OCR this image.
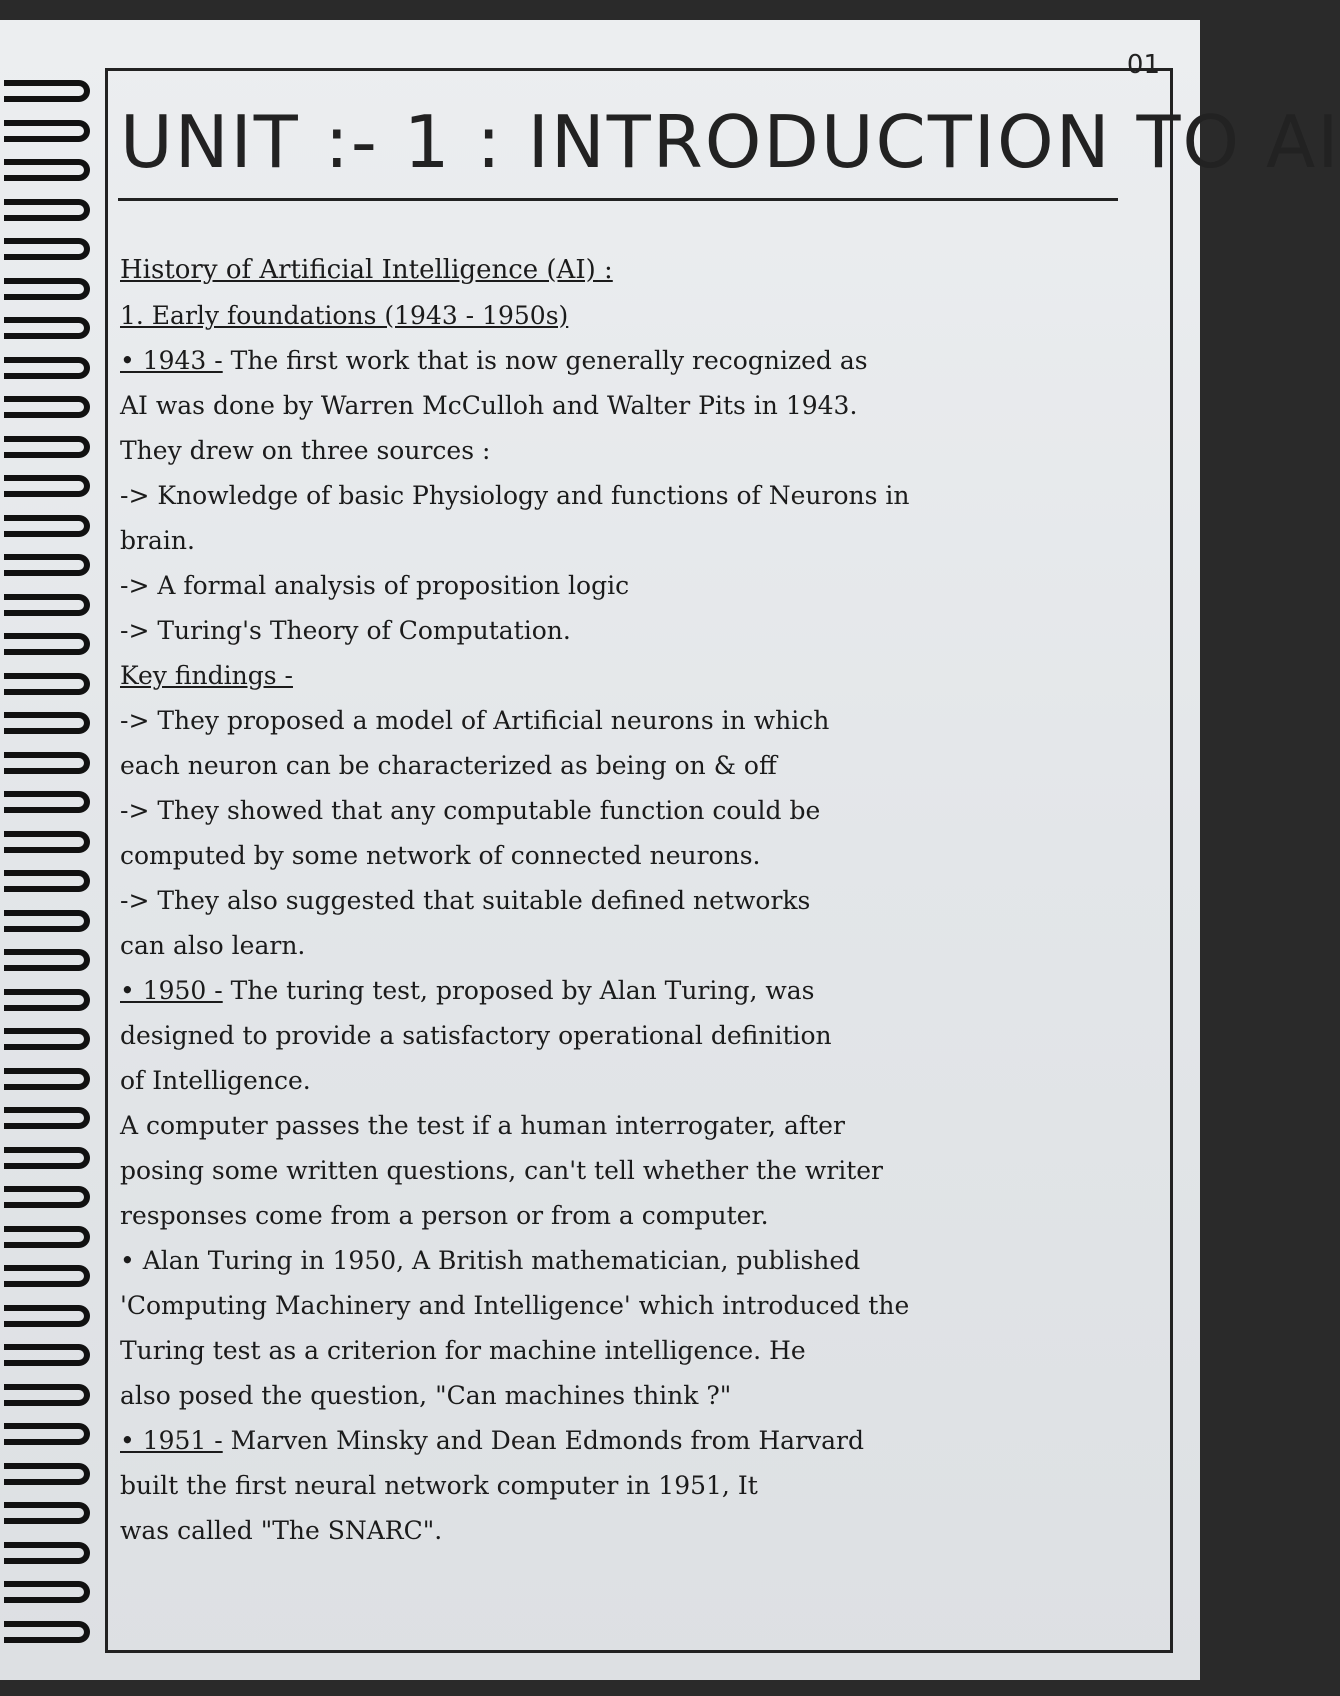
01
UNIT :- 1 : INTRODUCTION TO AI
History of Artificial Intelligence (AI) :
1. Early foundations (1943 - 1950s)
• 1943 - The first work that is now generally recognized as
AI was done by Warren McCulloh and Walter Pits in 1943.
They drew on three sources :
-> Knowledge of basic Physiology and functions of Neurons in
brain.
-> A formal analysis of proposition logic
-> Turing's Theory of Computation.
Key findings -
-> They proposed a model of Artificial neurons in which
each neuron can be characterized as being on & off
-> They showed that any computable function could be
computed by some network of connected neurons.
-> They also suggested that suitable defined networks
can also learn.
• 1950 - The turing test, proposed by Alan Turing, was
designed to provide a satisfactory operational definition
of Intelligence.
A computer passes the test if a human interrogater, after
posing some written questions, can't tell whether the writer
responses come from a person or from a computer.
• Alan Turing in 1950, A British mathematician, published
'Computing Machinery and Intelligence' which introduced the
Turing test as a criterion for machine intelligence. He
also posed the question, "Can machines think ?"
• 1951 - Marven Minsky and Dean Edmonds from Harvard
built the first neural network computer in 1951, It
was called "The SNARC".
